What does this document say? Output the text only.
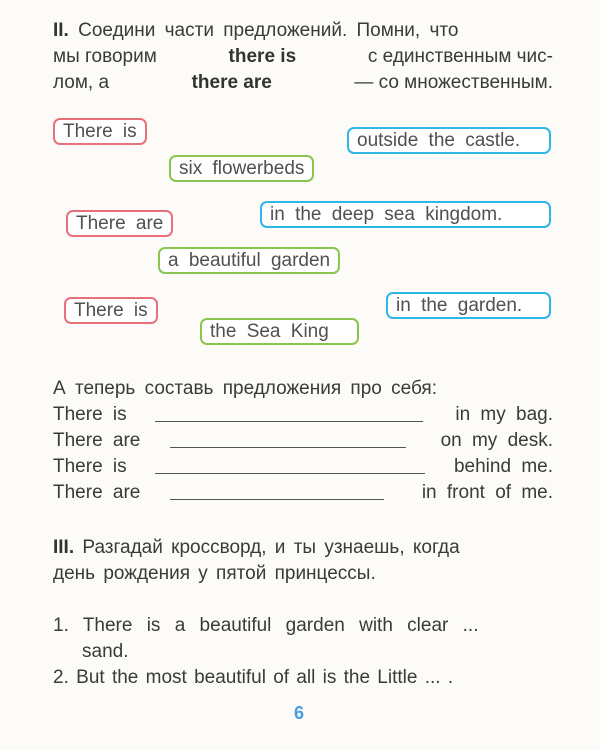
II. Соедини части предложений. Помни, что
мы говорим	there is	с единственным чис-
лом, а	there are	— со множественным.
There is	outside the castle.
six flowerbeds
There are	in the deep sea kingdom.
a beautiful garden
There is	in the garden.
the Sea King
А теперь составь предложения про себя:
There is	in my bag.
There are	on my desk.
There is	behind me.
There are	in front of me.
III. Разгадай кроссворд, и ты узнаешь, когда
день рождения у пятой принцессы.
1. There is a beautiful garden with clear ...
sand.
2. But the most beautiful of all is the Little ... .
6
